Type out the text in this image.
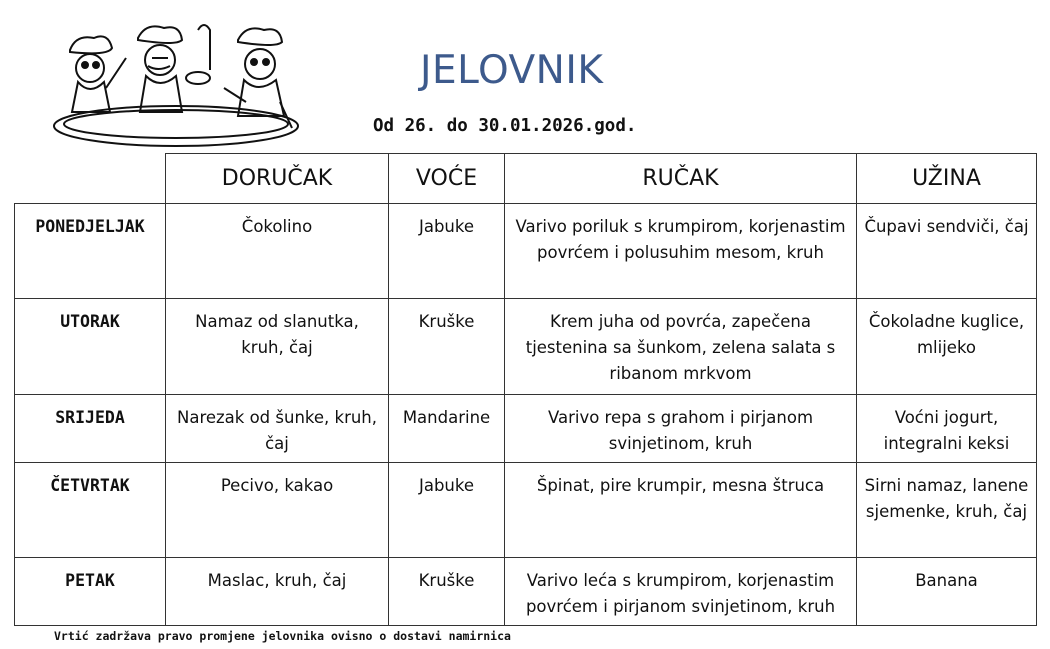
JELOVNIK
Od 26. do 30.01.2026.god.
	DORUČAK	VOĆE	RUČAK	UŽINA
PONEDJELJAK	Čokolino	Jabuke	Varivo poriluk s krumpirom, korjenastim povrćem i polusuhim mesom, kruh	Čupavi sendviči, čaj
UTORAK	Namaz od slanutka, kruh, čaj	Kruške	Krem juha od povrća, zapečena tjestenina sa šunkom, zelena salata s ribanom mrkvom	Čokoladne kuglice, mlijeko
SRIJEDA	Narezak od šunke, kruh, čaj	Mandarine	Varivo repa s grahom i pirjanom svinjetinom, kruh	Voćni jogurt, integralni keksi
ČETVRTAK	Pecivo, kakao	Jabuke	Špinat, pire krumpir, mesna štruca	Sirni namaz, lanene sjemenke, kruh, čaj
PETAK	Maslac, kruh, čaj	Kruške	Varivo leća s krumpirom, korjenastim povrćem i pirjanom svinjetinom, kruh	Banana
Vrtić zadržava pravo promjene jelovnika ovisno o dostavi namirnica
